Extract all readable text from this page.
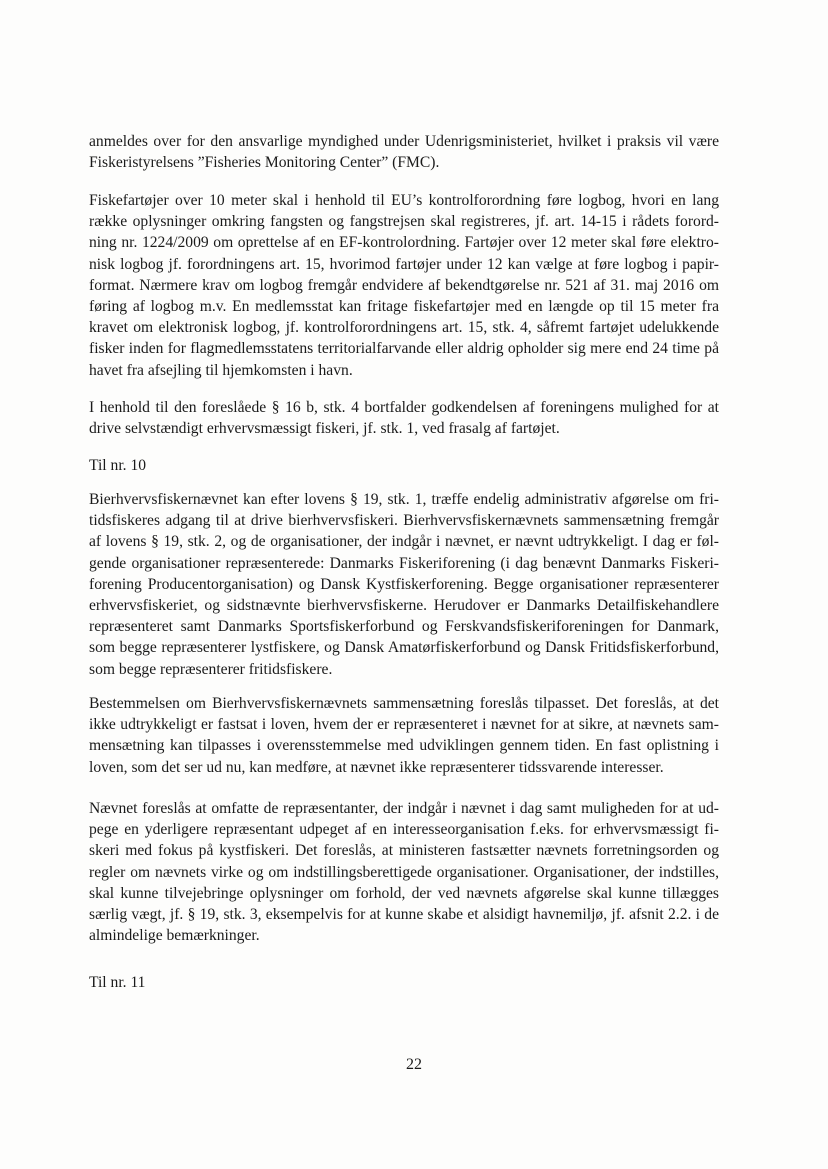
anmeldes over for den ansvarlige myndighed under Udenrigsministeriet, hvilket i praksis vil være
Fiskeristyrelsens ”Fisheries Monitoring Center” (FMC).
Fiskefartøjer over 10 meter skal i henhold til EU’s kontrolforordning føre logbog, hvori en lang
række oplysninger omkring fangsten og fangstrejsen skal registreres, jf. art. 14-15 i rådets forord-
ning nr. 1224/2009 om oprettelse af en EF-kontrolordning. Fartøjer over 12 meter skal føre elektro-
nisk logbog jf. forordningens art. 15, hvorimod fartøjer under 12 kan vælge at føre logbog i papir-
format. Nærmere krav om logbog fremgår endvidere af bekendtgørelse nr. 521 af 31. maj 2016 om
føring af logbog m.v. En medlemsstat kan fritage fiskefartøjer med en længde op til 15 meter fra
kravet om elektronisk logbog, jf. kontrolforordningens art. 15, stk. 4, såfremt fartøjet udelukkende
fisker inden for flagmedlemsstatens territorialfarvande eller aldrig opholder sig mere end 24 time på
havet fra afsejling til hjemkomsten i havn.
I henhold til den foreslåede § 16 b, stk. 4 bortfalder godkendelsen af foreningens mulighed for at
drive selvstændigt erhvervsmæssigt fiskeri, jf. stk. 1, ved frasalg af fartøjet.
Til nr. 10
Bierhvervsfiskernævnet kan efter lovens § 19, stk. 1, træffe endelig administrativ afgørelse om fri-
tidsfiskeres adgang til at drive bierhvervsfiskeri. Bierhvervsfiskernævnets sammensætning fremgår
af lovens § 19, stk. 2, og de organisationer, der indgår i nævnet, er nævnt udtrykkeligt. I dag er føl-
gende organisationer repræsenterede: Danmarks Fiskeriforening (i dag benævnt Danmarks Fiskeri-
forening Producentorganisation) og Dansk Kystfiskerforening. Begge organisationer repræsenterer
erhvervsfiskeriet, og sidstnævnte bierhvervsfiskerne. Herudover er Danmarks Detailfiskehandlere
repræsenteret samt Danmarks Sportsfiskerforbund og Ferskvandsfiskeriforeningen for Danmark,
som begge repræsenterer lystfiskere, og Dansk Amatørfiskerforbund og Dansk Fritidsfiskerforbund,
som begge repræsenterer fritidsfiskere.
Bestemmelsen om Bierhvervsfiskernævnets sammensætning foreslås tilpasset. Det foreslås, at det
ikke udtrykkeligt er fastsat i loven, hvem der er repræsenteret i nævnet for at sikre, at nævnets sam-
mensætning kan tilpasses i overensstemmelse med udviklingen gennem tiden. En fast oplistning i
loven, som det ser ud nu, kan medføre, at nævnet ikke repræsenterer tidssvarende interesser.
Nævnet foreslås at omfatte de repræsentanter, der indgår i nævnet i dag samt muligheden for at ud-
pege en yderligere repræsentant udpeget af en interesseorganisation f.eks. for erhvervsmæssigt fi-
skeri med fokus på kystfiskeri. Det foreslås, at ministeren fastsætter nævnets forretningsorden og
regler om nævnets virke og om indstillingsberettigede organisationer. Organisationer, der indstilles,
skal kunne tilvejebringe oplysninger om forhold, der ved nævnets afgørelse skal kunne tillægges
særlig vægt, jf. § 19, stk. 3, eksempelvis for at kunne skabe et alsidigt havnemiljø, jf. afsnit 2.2. i de
almindelige bemærkninger.
Til nr. 11
22
